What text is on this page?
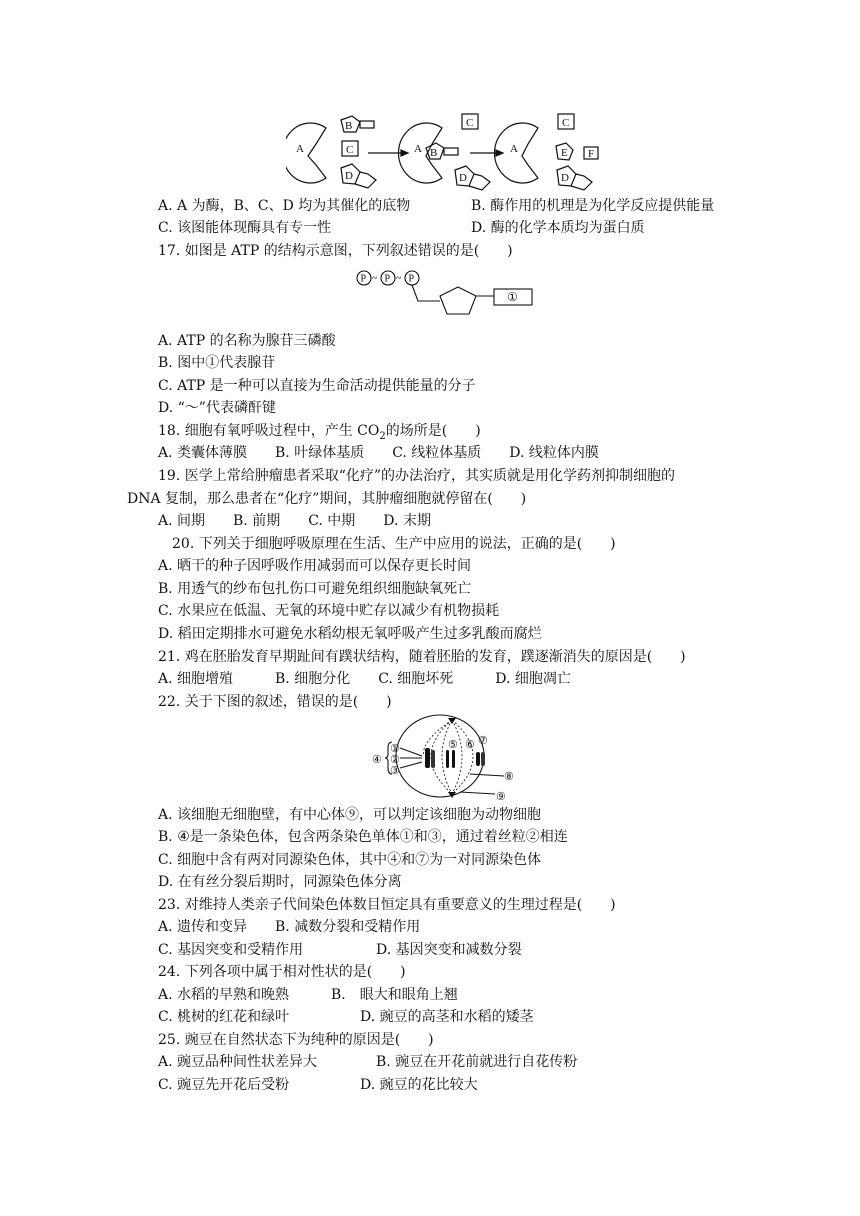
A
B
C
D
A B
C
D
A
C
E F
D
A. A 为酶，B、C、D 均为其催化的底物	B. 酶作用的机理是为化学反应提供能量
C. 该图能体现酶具有专一性	D. 酶的化学本质均为蛋白质
17. 如图是 ATP 的结构示意图，下列叙述错误的是(　　)
P P P
~ ~
①
A. ATP 的名称为腺苷三磷酸
B. 图中①代表腺苷
C. ATP 是一种可以直接为生命活动提供能量的分子
D. “～”代表磷酐键
18. 细胞有氧呼吸过程中，产生 $CO_2$的场所是(　　)
A. 类囊体薄膜　　B. 叶绿体基质　　C. 线粒体基质　　D. 线粒体内膜
19. 医学上常给肿瘤患者采取“化疗”的办法治疗，其实质就是用化学药剂抑制细胞的
DNA 复制，那么患者在“化疗”期间，其肿瘤细胞就停留在(　　)
A. 间期　　B. 前期　　C. 中期　　D. 末期
20. 下列关于细胞呼吸原理在生活、生产中应用的说法，正确的是(　　)
A. 晒干的种子因呼吸作用减弱而可以保存更长时间
B. 用透气的纱布包扎伤口可避免组织细胞缺氧死亡
C. 水果应在低温、无氧的环境中贮存以减少有机物损耗
D. 稻田定期排水可避免水稻幼根无氧呼吸产生过多乳酸而腐烂
21. 鸡在胚胎发育早期趾间有蹼状结构，随着胚胎的发育，蹼逐渐消失的原因是(　　)
A. 细胞增殖　　　B. 细胞分化　　C. 细胞坏死　　　D. 细胞凋亡
22. 关于下图的叙述，错误的是(　　)
①
②
③
④
⑤ ⑥ ⑦
⑧
⑨
A. 该细胞无细胞壁，有中心体⑨，可以判定该细胞为动物细胞
B. ④是一条染色体，包含两条染色单体①和③，通过着丝粒②相连
C. 细胞中含有两对同源染色体，其中④和⑦为一对同源染色体
D. 在有丝分裂后期时，同源染色体分离
23. 对维持人类亲子代间染色体数目恒定具有重要意义的生理过程是(　　)
A. 遗传和变异　　B. 减数分裂和受精作用
C. 基因突变和受精作用	D. 基因突变和减数分裂
24. 下列各项中属于相对性状的是(　　)
A. 水稻的早熟和晚熟　　　B.　眼大和眼角上翘
C. 桃树的红花和绿叶	D. 豌豆的高茎和水稻的矮茎
25. 豌豆在自然状态下为纯种的原因是(　　)
A. 豌豆品种间性状差异大	B. 豌豆在开花前就进行自花传粉
C. 豌豆先开花后受粉	D. 豌豆的花比较大
